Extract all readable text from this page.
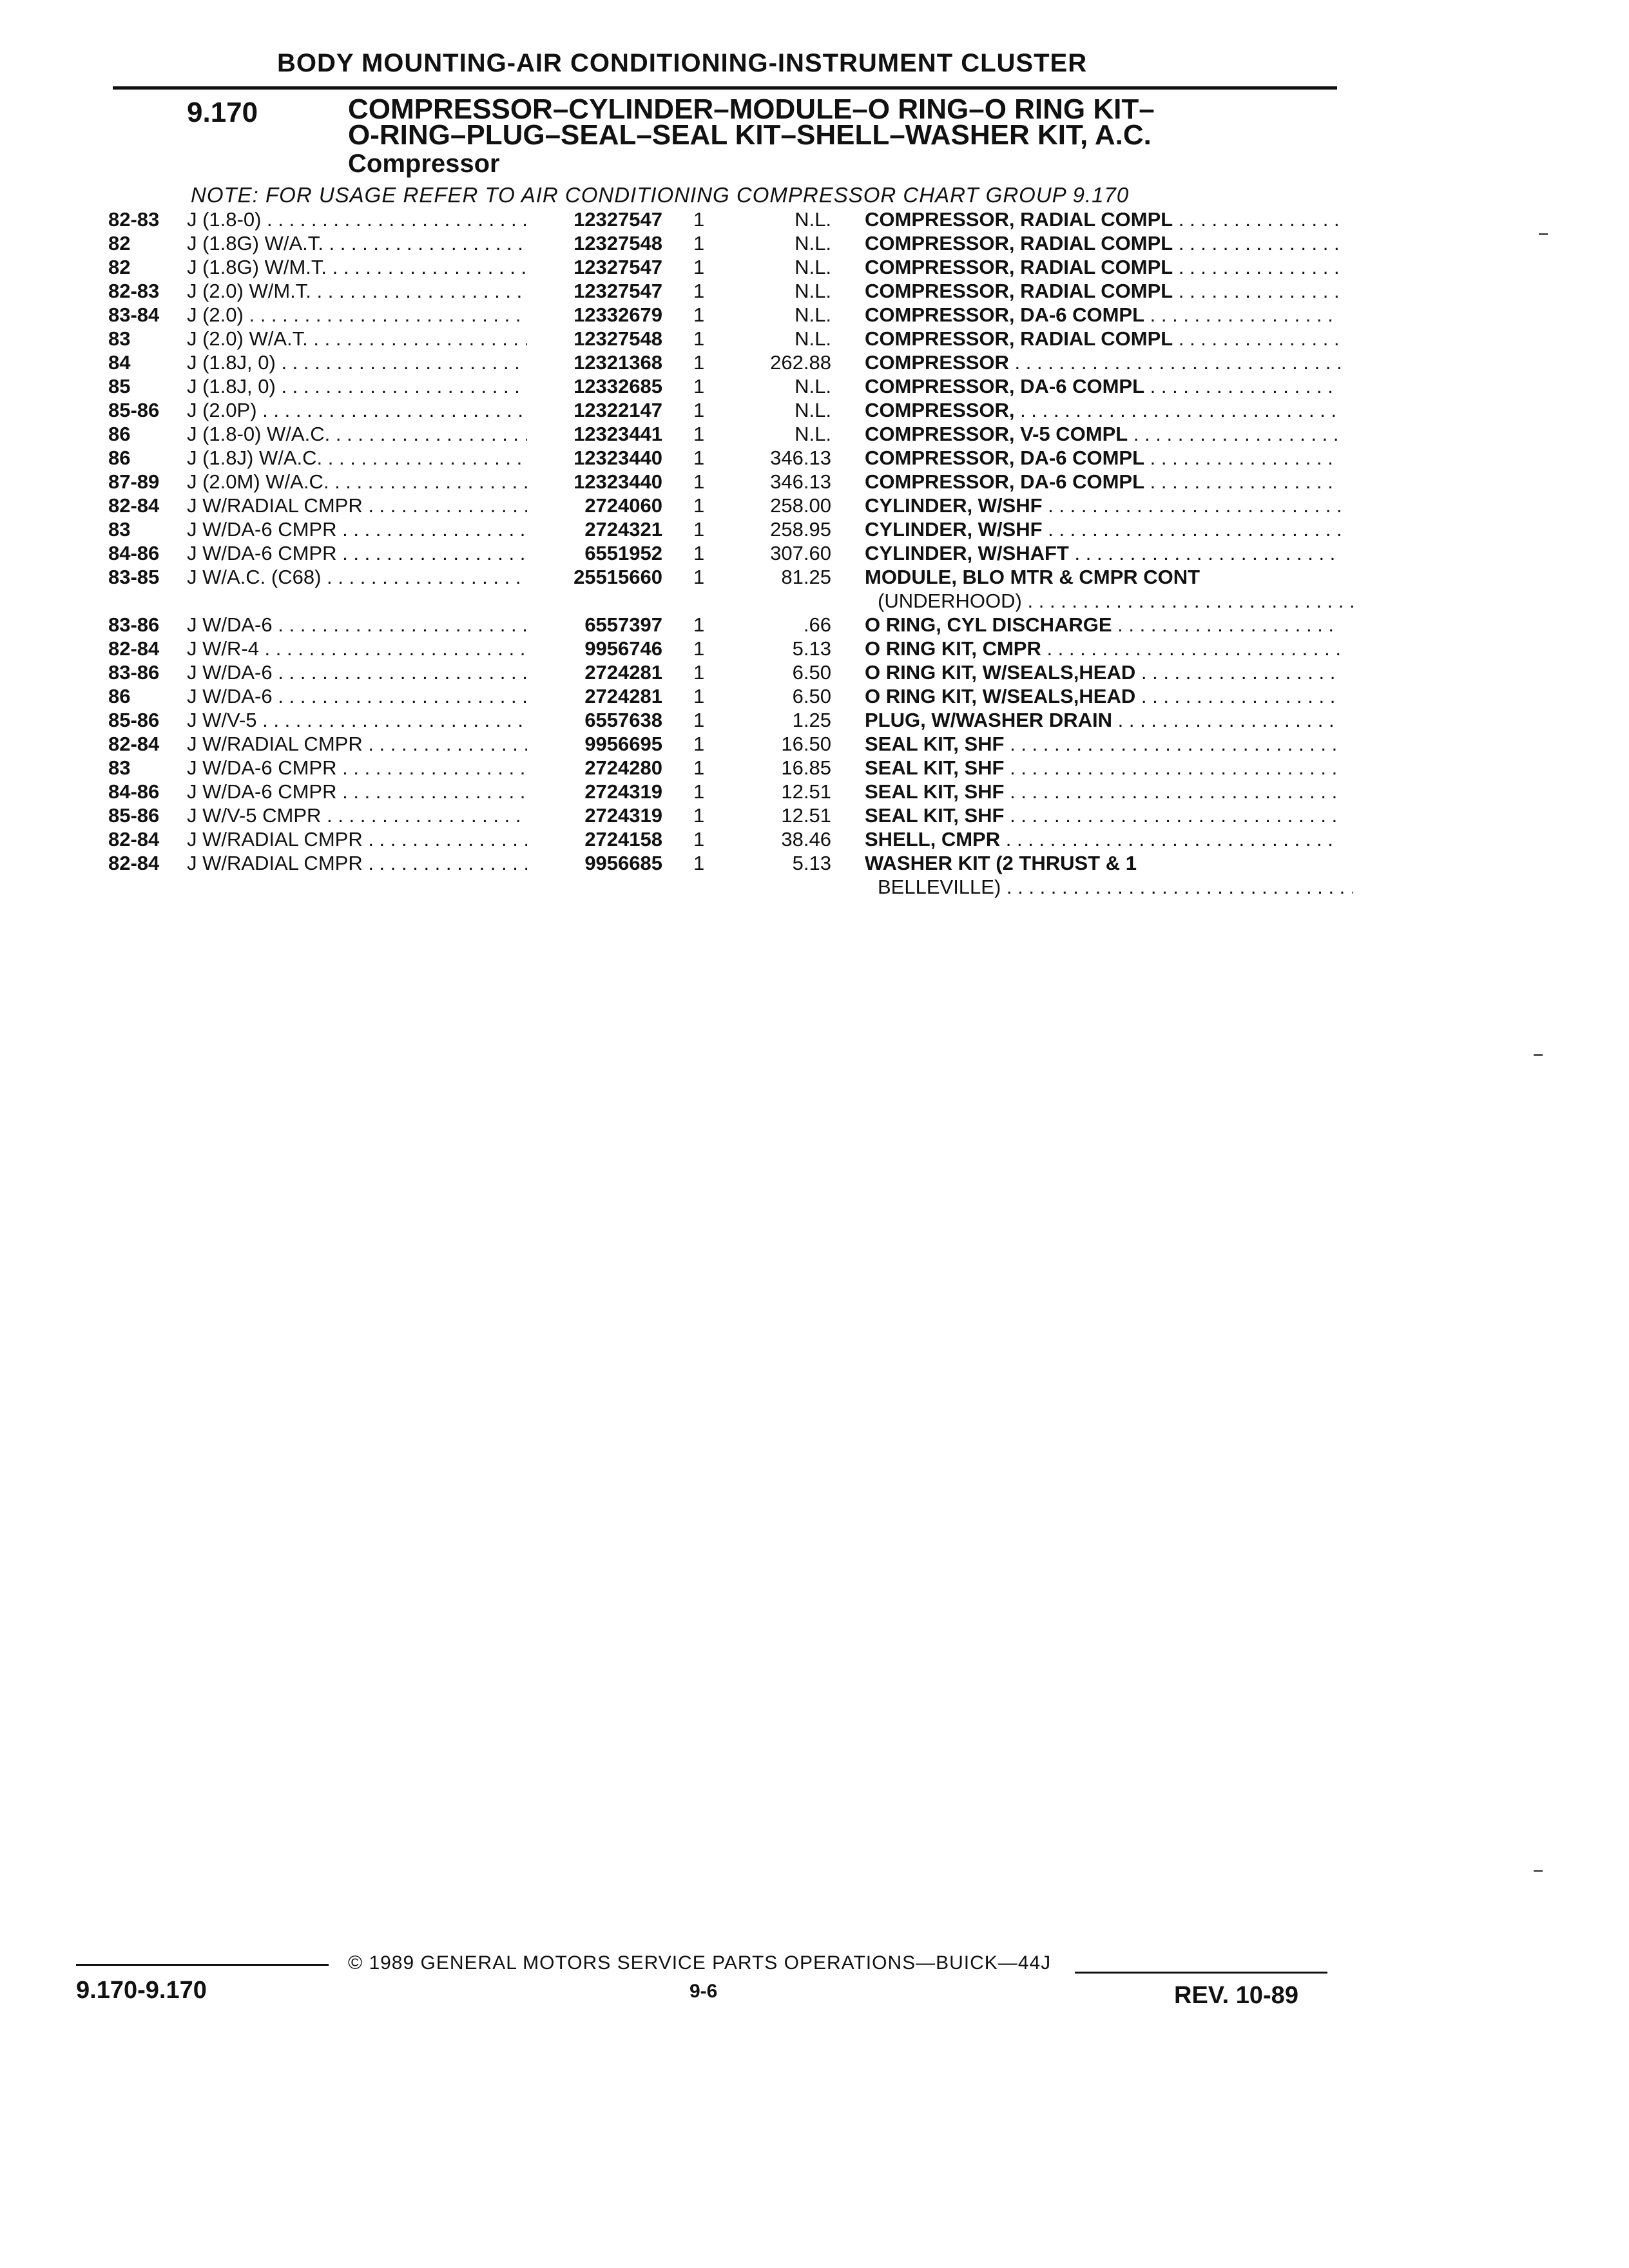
BODY MOUNTING-AIR CONDITIONING-INSTRUMENT CLUSTER
9.170	COMPRESSOR–CYLINDER–MODULE–O RING–O RING KIT–
O-RING–PLUG–SEAL–SEAL KIT–SHELL–WASHER KIT, A.C.
Compressor
NOTE: FOR USAGE REFER TO AIR CONDITIONING COMPRESSOR CHART GROUP 9.170
82-83 J (1.8-0) . . .	12327547 1	N.L. COMPRESSOR, RADIAL COMPL . . .
82	J (1.8G) W/A.T. . . .	12327548 1	N.L. COMPRESSOR, RADIAL COMPL . . .
82	J (1.8G) W/M.T. . . .	12327547 1	N.L. COMPRESSOR, RADIAL COMPL . . .
82-83 J (2.0) W/M.T. . . .	12327547 1	N.L. COMPRESSOR, RADIAL COMPL . . .
83-84 J (2.0) . . .	12332679 1	N.L. COMPRESSOR, DA-6 COMPL . . .
83	J (2.0) W/A.T. . . .	12327548 1	N.L. COMPRESSOR, RADIAL COMPL . . .
84	J (1.8J, 0) . . .	12321368 1	262.88 COMPRESSOR . . .
85	J (1.8J, 0) . . .	12332685 1	N.L. COMPRESSOR, DA-6 COMPL . . .
85-86 J (2.0P) . . .	12322147 1	N.L. COMPRESSOR, . . .
86	J (1.8-0) W/A.C. . . .	12323441 1	N.L. COMPRESSOR, V-5 COMPL . . .
86	J (1.8J) W/A.C. . . .	12323440 1	346.13 COMPRESSOR, DA-6 COMPL . . .
87-89 J (2.0M) W/A.C. . . .	12323440 1	346.13 COMPRESSOR, DA-6 COMPL . . .
82-84 J W/RADIAL CMPR . . .	2724060 1	258.00 CYLINDER, W/SHF . . .
83	J W/DA-6 CMPR . . .	2724321 1	258.95 CYLINDER, W/SHF . . .
84-86 J W/DA-6 CMPR . . .	6551952 1	307.60 CYLINDER, W/SHAFT . . .
83-85 J W/A.C. (C68) . . .	25515660 1	81.25 MODULE, BLO MTR & CMPR CONT
(UNDERHOOD) . . .
83-86 J W/DA-6 . . .	6557397 1	.66 O RING, CYL DISCHARGE . . .
82-84 J W/R-4 . . .	9956746 1	5.13 O RING KIT, CMPR . . .
83-86 J W/DA-6 . . .	2724281 1	6.50 O RING KIT, W/SEALS,HEAD . . .
86	J W/DA-6 . . .	2724281 1	6.50 O RING KIT, W/SEALS,HEAD . . .
85-86 J W/V-5 . . .	6557638 1	1.25 PLUG, W/WASHER DRAIN . . .
82-84 J W/RADIAL CMPR . . .	9956695 1	16.50 SEAL KIT, SHF . . .
83	J W/DA-6 CMPR . . .	2724280 1	16.85 SEAL KIT, SHF . . .
84-86 J W/DA-6 CMPR . . .	2724319 1	12.51 SEAL KIT, SHF . . .
85-86 J W/V-5 CMPR . . .	2724319 1	12.51 SEAL KIT, SHF . . .
82-84 J W/RADIAL CMPR . . .	2724158 1	38.46 SHELL, CMPR . . .
82-84 J W/RADIAL CMPR . . .	9956685 1	5.13 WASHER KIT (2 THRUST & 1
BELLEVILLE) . . .
© 1989 GENERAL MOTORS SERVICE PARTS OPERATIONS—BUICK—44J
9.170-9.170	9-6	REV. 10-89
